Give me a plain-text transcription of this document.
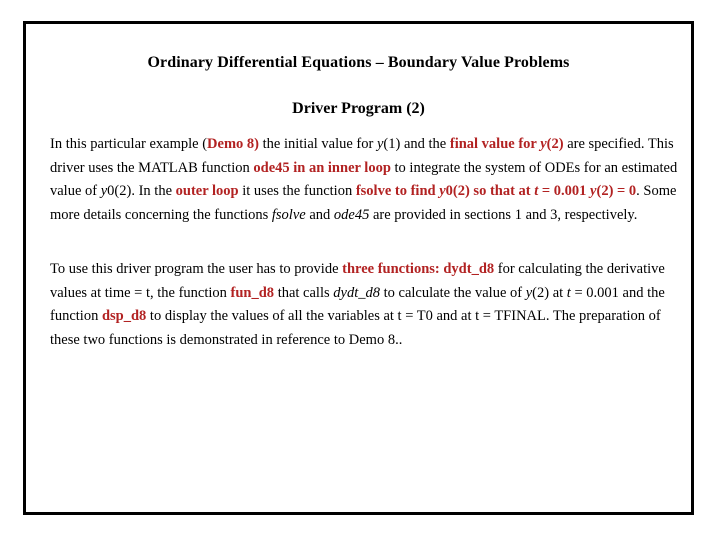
Ordinary Differential Equations – Boundary Value Problems
Driver Program (2)
In this particular example (Demo 8) the initial value for y(1) and the final value for y(2) are specified. This driver uses the MATLAB function ode45 in an inner loop to integrate the system of ODEs for an estimated value of y0(2). In the outer loop it uses the function fsolve to find y0(2) so that at t = 0.001 y(2) = 0. Some more details concerning the functions fsolve and ode45 are provided in sections 1 and 3, respectively.
To use this driver program the user has to provide three functions: dydt_d8 for calculating the derivative values at time = t, the function fun_d8 that calls dydt_d8 to calculate the value of y(2) at t = 0.001 and the function dsp_d8 to display the values of all the variables at t = T0 and at t = TFINAL. The preparation of these two functions is demonstrated in reference to Demo 8..
